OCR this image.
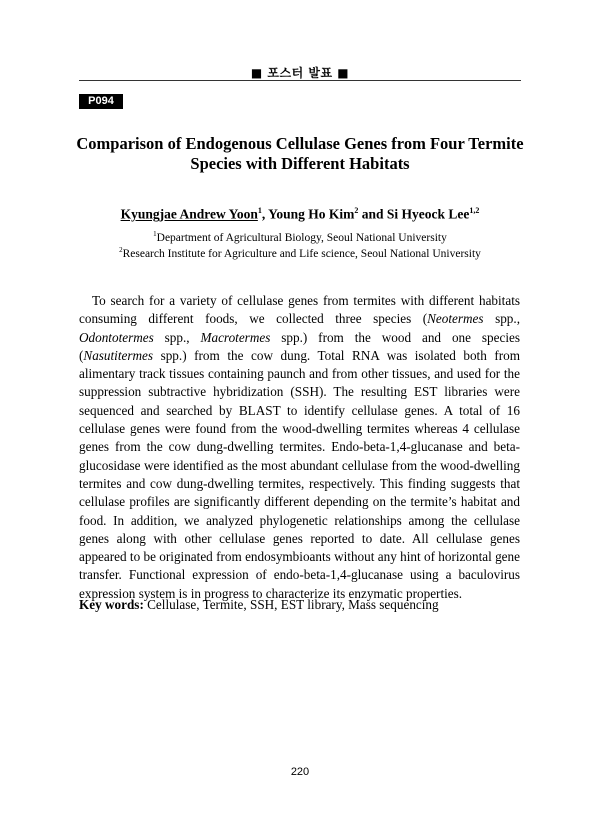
■ 포스터 발표 ■
P094
Comparison of Endogenous Cellulase Genes from Four Termite
Species with Different Habitats
Kyungjae Andrew Yoon$^1$, Young Ho Kim$^2$ and Si Hyeock Lee$^{1,2}$
$^1$Department of Agricultural Biology, Seoul National University
$^2$Research Institute for Agriculture and Life science, Seoul National University

To search for a variety of cellulase genes from termites with different habitats consuming different foods, we collected three species (Neotermes spp., Odontotermes spp., Macrotermes spp.) from the wood and one species (Nasutitermes spp.) from the cow dung. Total RNA was isolated both from alimentary track tissues containing paunch and from other tissues, and used for the suppression subtractive hybridization (SSH). The resulting EST libraries were sequenced and searched by BLAST to identify cellulase genes. A total of 16 cellulase genes were found from the wood-dwelling termites whereas 4 cellulase genes from the cow dung-dwelling termites. Endo-beta-1,4-glucanase and beta-glucosidase were identified as the most abundant cellulase from the wood-dwelling termites and cow dung-dwelling termites, respectively. This finding suggests that cellulase profiles are significantly different depending on the termite’s habitat and food. In addition, we analyzed phylogenetic relationships among the cellulase genes along with other cellulase genes reported to date. All cellulase genes appeared to be originated from endosymbioants without any hint of horizontal gene transfer. Functional expression of endo-beta-1,4-glucanase using a baculovirus expression system is in progress to characterize its enzymatic properties.

Key words: Cellulase, Termite, SSH, EST library, Mass sequencing
220
